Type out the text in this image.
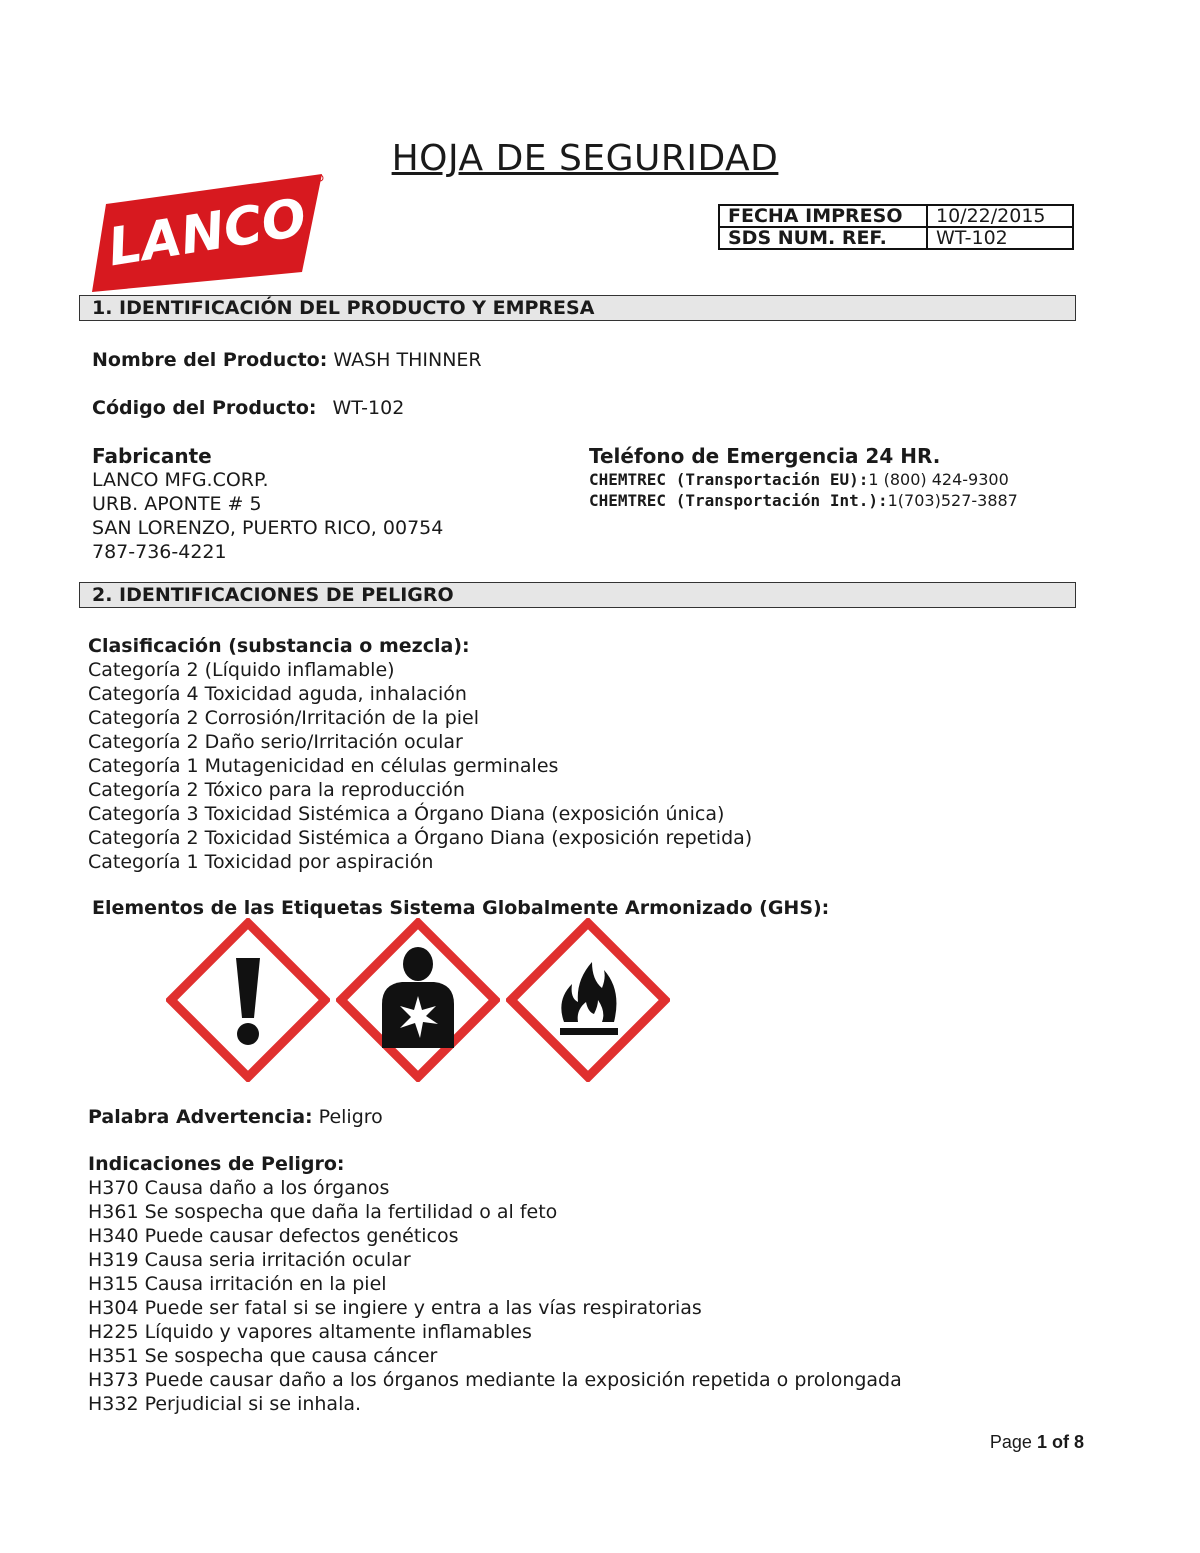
HOJA DE SEGURIDAD
LANCO	FECHA IMPRESO	10/22/2015
SDS NUM. REF.	WT-102
1. IDENTIFICACIÓN DEL PRODUCTO Y EMPRESA
Nombre del Producto: WASH THINNER
Código del Producto: WT-102
Fabricante
LANCO MFG.CORP.
URB. APONTE # 5
SAN LORENZO, PUERTO RICO, 00754
787-736-4221
Teléfono de Emergencia 24 HR.
CHEMTREC (Transportación EU):1 (800) 424-9300
CHEMTREC (Transportación Int.):1(703)527-3887
2. IDENTIFICACIONES DE PELIGRO
Clasificación (substancia o mezcla):
Categoría 2 (Líquido inflamable)
Categoría 4 Toxicidad aguda, inhalación
Categoría 2 Corrosión/Irritación de la piel
Categoría 2 Daño serio/Irritación ocular
Categoría 1 Mutagenicidad en células germinales
Categoría 2 Tóxico para la reproducción
Categoría 3 Toxicidad Sistémica a Órgano Diana (exposición única)
Categoría 2 Toxicidad Sistémica a Órgano Diana (exposición repetida)
Categoría 1 Toxicidad por aspiración
Elementos de las Etiquetas Sistema Globalmente Armonizado (GHS):
Palabra Advertencia: Peligro
Indicaciones de Peligro:
H370 Causa daño a los órganos
H361 Se sospecha que daña la fertilidad o al feto
H340 Puede causar defectos genéticos
H319 Causa seria irritación ocular
H315 Causa irritación en la piel
H304 Puede ser fatal si se ingiere y entra a las vías respiratorias
H225 Líquido y vapores altamente inflamables
H351 Se sospecha que causa cáncer
H373 Puede causar daño a los órganos mediante la exposición repetida o prolongada
H332 Perjudicial si se inhala.
Page 1 of 8
